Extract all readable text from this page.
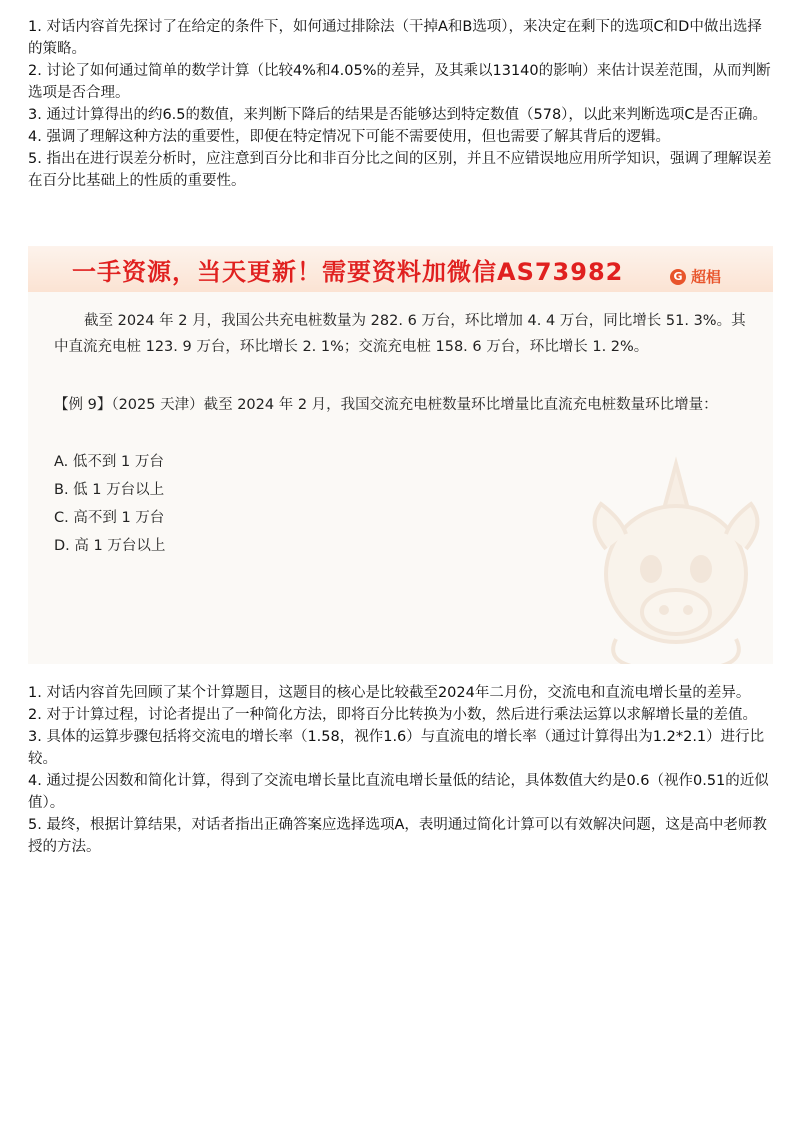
1. 对话内容首先探讨了在给定的条件下，如何通过排除法（干掉A和B选项），来决定在剩下的选项C和D中做出选择的策略。

2. 讨论了如何通过简单的数学计算（比较4%和4.05%的差异，及其乘以13140的影响）来估计误差范围，从而判断选项是否合理。

3. 通过计算得出的约6.5的数值，来判断下降后的结果是否能够达到特定数值（578），以此来判断选项C是否正确。

4. 强调了理解这种方法的重要性，即便在特定情况下可能不需要使用，但也需要了解其背后的逻辑。

5. 指出在进行误差分析时，应注意到百分比和非百分比之间的区别，并且不应错误地应用所学知识，强调了理解误差在百分比基础上的性质的重要性。

一手资源，当天更新！需要资料加微信AS73982	G 超椙
截至 2024 年 2 月，我国公共充电桩数量为 282. 6 万台，环比增加 4. 4 万台，同比增长 51. 3%。其中直流充电桩 123. 9 万台，环比增长 2. 1%；交流充电桩 158. 6 万台，环比增长 1. 2%。
【例 9】（2025 天津）截至 2024 年 2 月，我国交流充电桩数量环比增量比直流充电桩数量环比增量：
A. 低不到 1 万台
B. 低 1 万台以上
C. 高不到 1 万台
D. 高 1 万台以上

1. 对话内容首先回顾了某个计算题目，这题目的核心是比较截至2024年二月份，交流电和直流电增长量的差异。

2. 对于计算过程，讨论者提出了一种简化方法，即将百分比转换为小数，然后进行乘法运算以求解增长量的差值。

3. 具体的运算步骤包括将交流电的增长率（1.58，视作1.6）与直流电的增长率（通过计算得出为1.2*2.1）进行比较。

4. 通过提公因数和简化计算，得到了交流电增长量比直流电增长量低的结论，具体数值大约是0.6（视作0.51的近似值）。

5. 最终，根据计算结果，对话者指出正确答案应选择选项A，表明通过简化计算可以有效解决问题，这是高中老师教授的方法。
